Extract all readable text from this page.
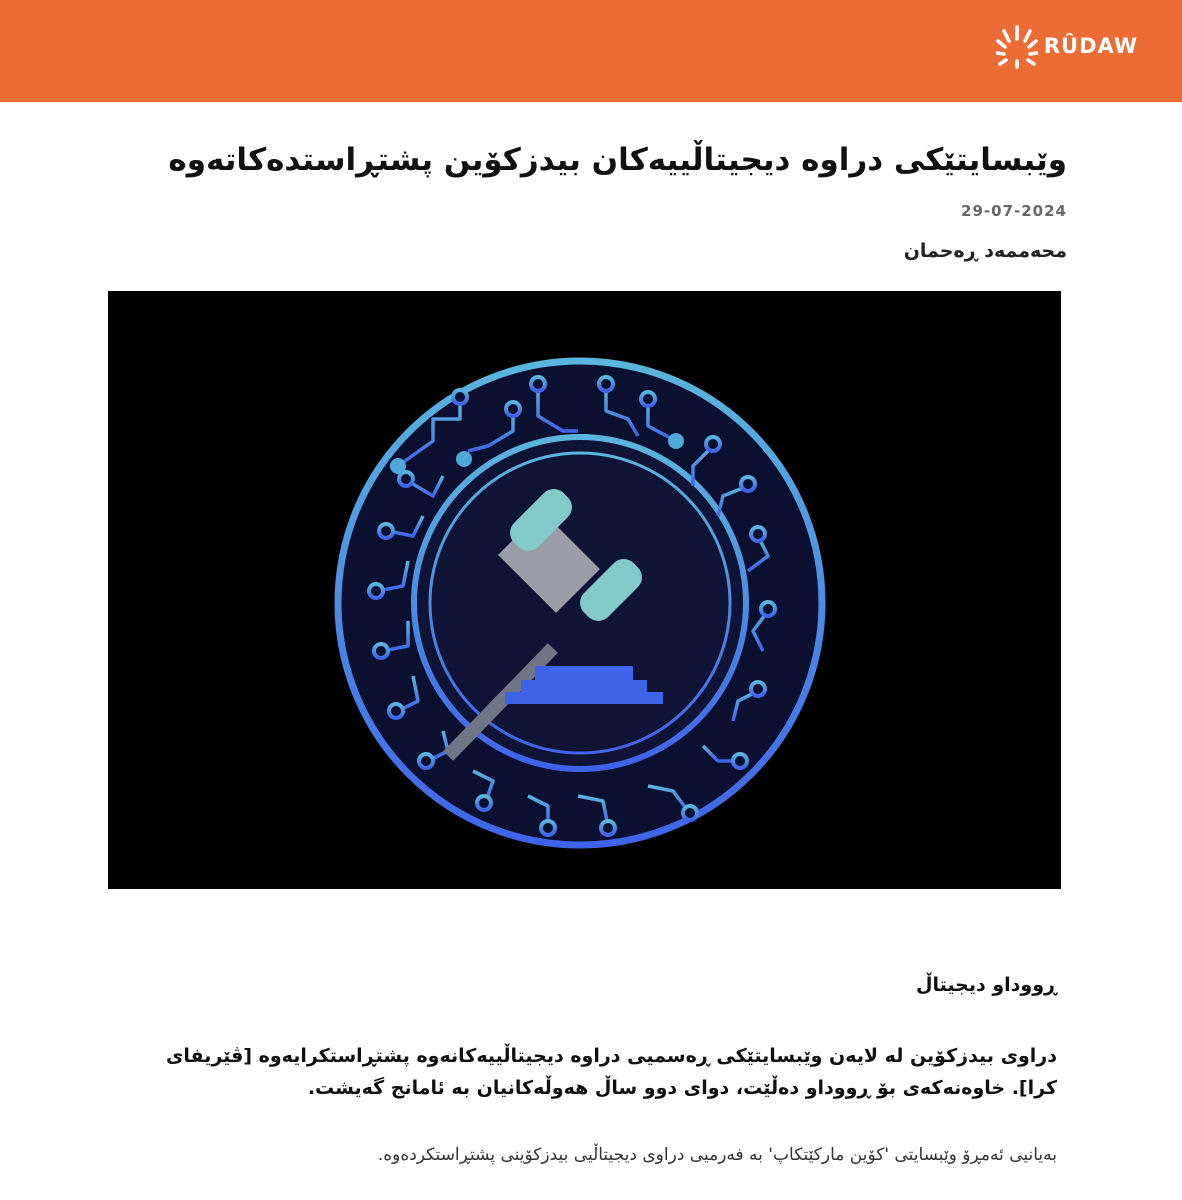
RÛDAW
وێبسایتێکی دراوە دیجیتاڵییەکان بیدزکۆین پشتڕاستدەکاتەوە
29-07-2024
محەممەد ڕەحمان
ڕووداو دیجیتاڵ

دراوی بیدزکۆین لە لایەن وێبسایتێکی ڕەسمیی دراوە دیجیتاڵییەکانەوە پشتڕاستکرایەوە [ڤێریفای کرا]. خاوەنەکەی بۆ ڕووداو دەڵێت، دوای دوو ساڵ هەوڵەکانیان بە ئامانج گەیشت.

بەیانیی ئەمڕۆ وێبسایتی 'کۆین مارکێتکاپ' بە فەرمیی دراوی دیجیتاڵیی بیدزکۆینی پشتڕاستکردەوە.
